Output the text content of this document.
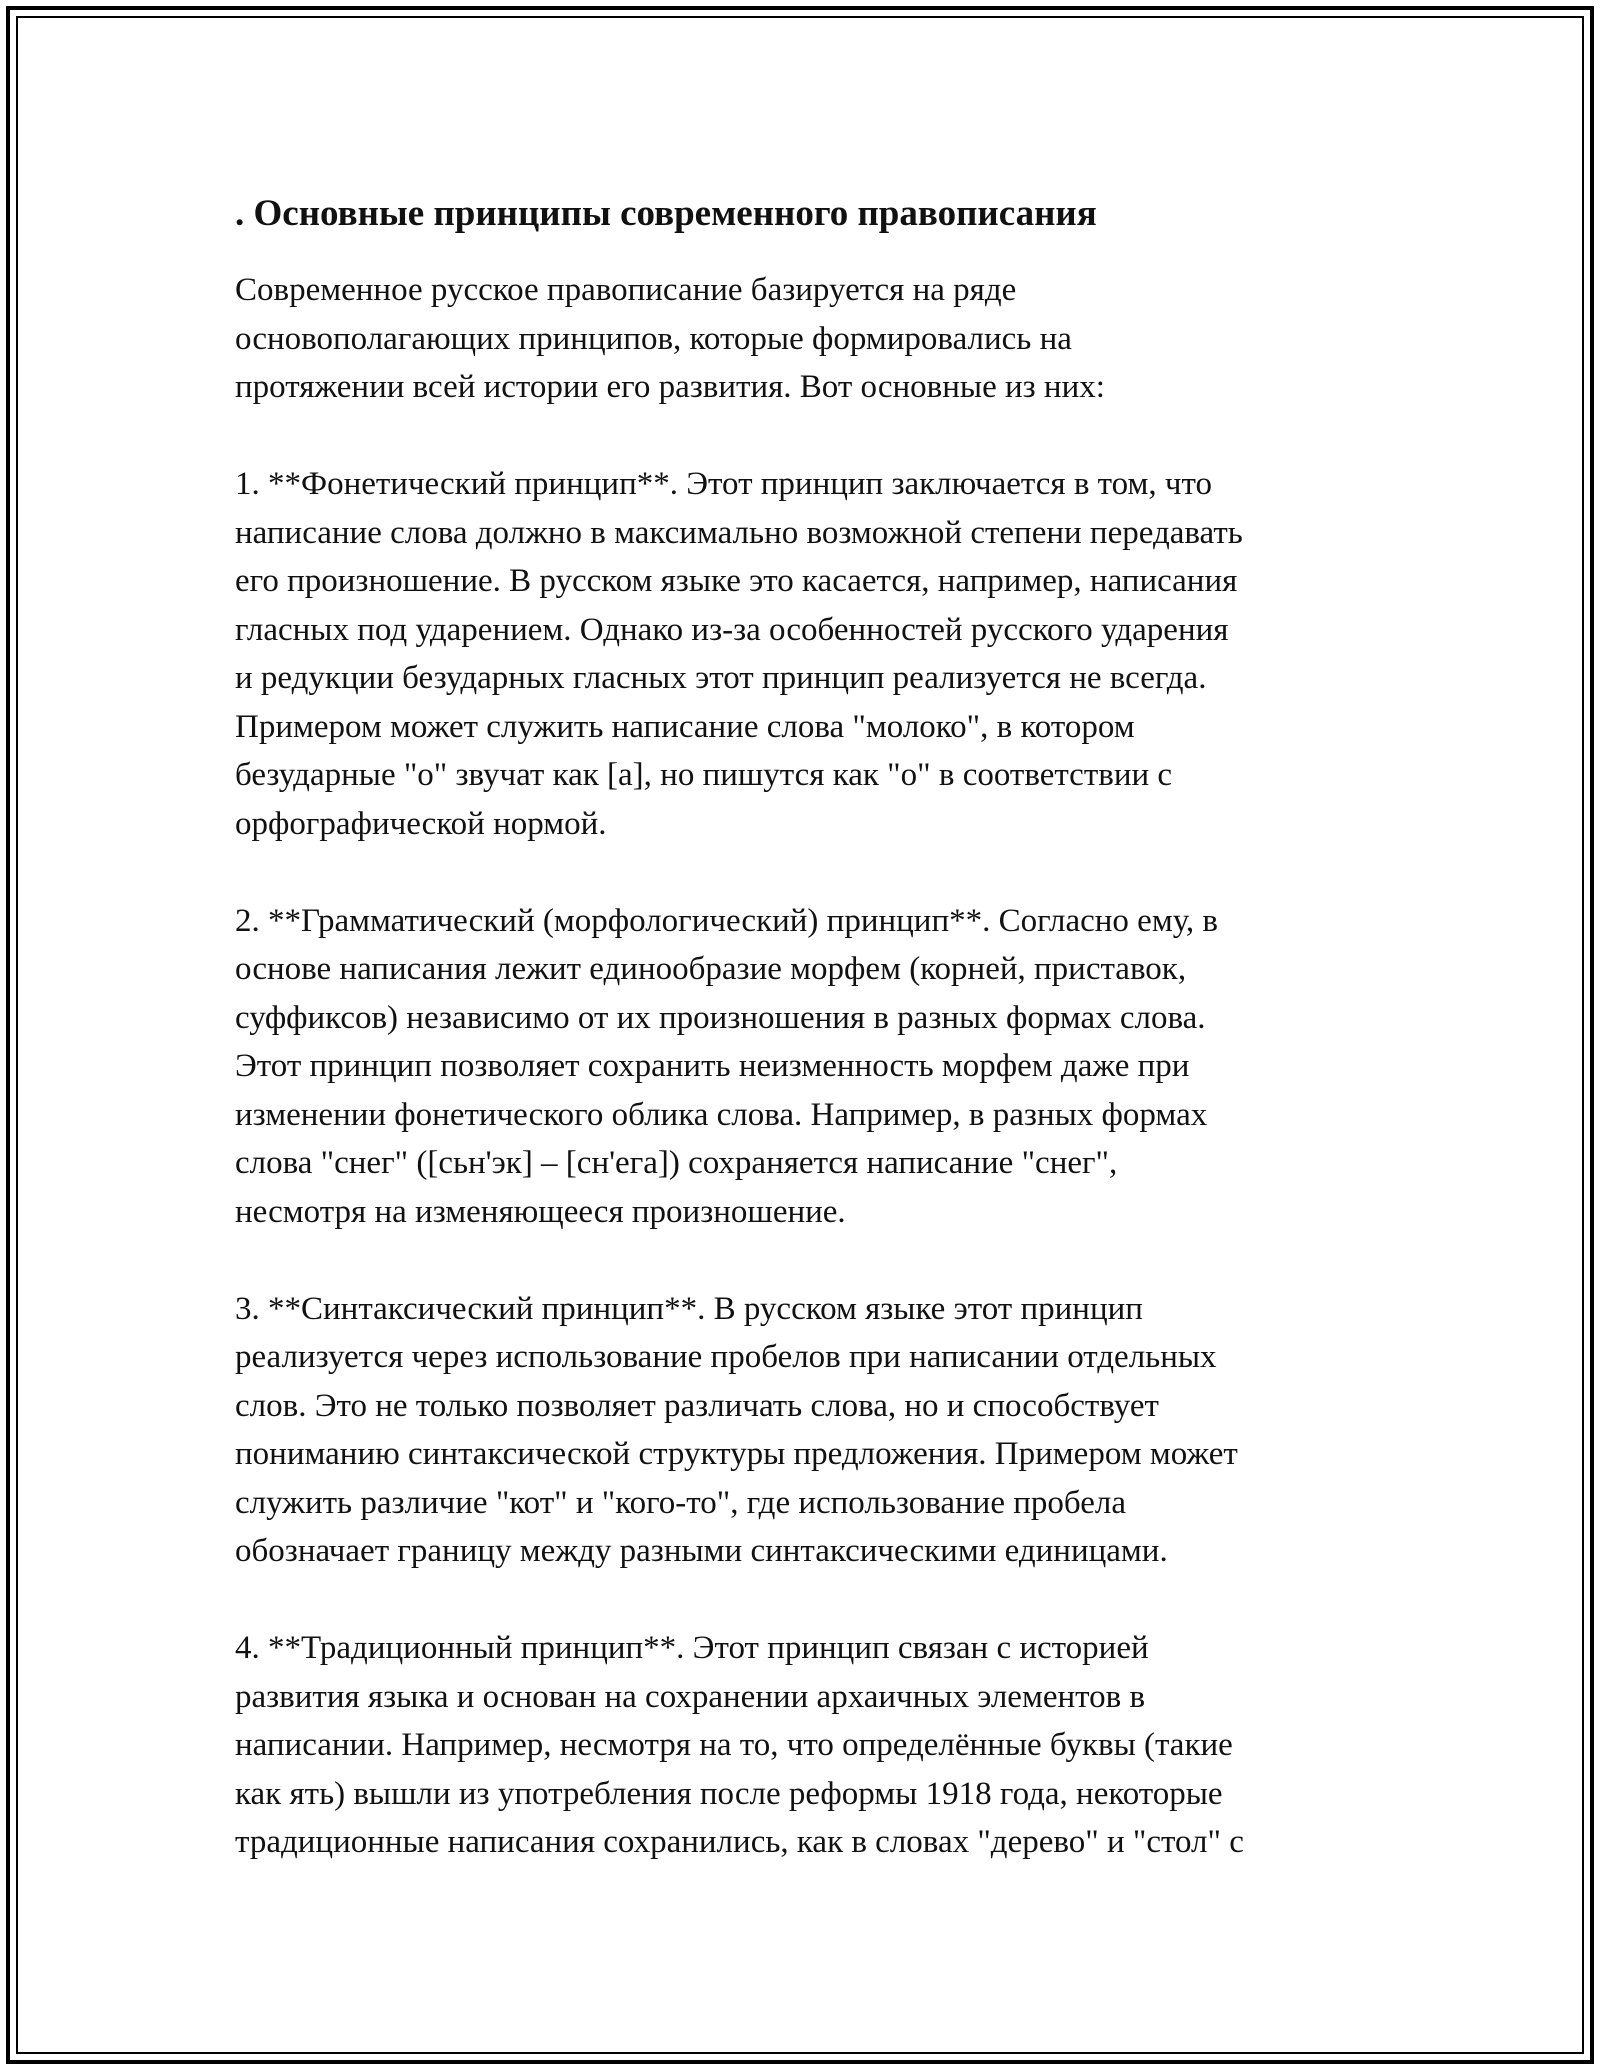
. Основные принципы современного правописания
Современное русское правописание базируется на ряде
основополагающих принципов, которые формировались на
протяжении всей истории его развития. Вот основные из них:
1. **Фонетический принцип**. Этот принцип заключается в том, что
написание слова должно в максимально возможной степени передавать
его произношение. В русском языке это касается, например, написания
гласных под ударением. Однако из-за особенностей русского ударения
и редукции безударных гласных этот принцип реализуется не всегда.
Примером может служить написание слова "молоко", в котором
безударные "о" звучат как [а], но пишутся как "о" в соответствии с
орфографической нормой.
2. **Грамматический (морфологический) принцип**. Согласно ему, в
основе написания лежит единообразие морфем (корней, приставок,
суффиксов) независимо от их произношения в разных формах слова.
Этот принцип позволяет сохранить неизменность морфем даже при
изменении фонетического облика слова. Например, в разных формах
слова "снег" ([сьн'эк] – [сн'ега]) сохраняется написание "снег",
несмотря на изменяющееся произношение.
3. **Синтаксический принцип**. В русском языке этот принцип
реализуется через использование пробелов при написании отдельных
слов. Это не только позволяет различать слова, но и способствует
пониманию синтаксической структуры предложения. Примером может
служить различие "кот" и "кого-то", где использование пробела
обозначает границу между разными синтаксическими единицами.
4. **Традиционный принцип**. Этот принцип связан с историей
развития языка и основан на сохранении архаичных элементов в
написании. Например, несмотря на то, что определённые буквы (такие
как ять) вышли из употребления после реформы 1918 года, некоторые
традиционные написания сохранились, как в словах "дерево" и "стол" с
